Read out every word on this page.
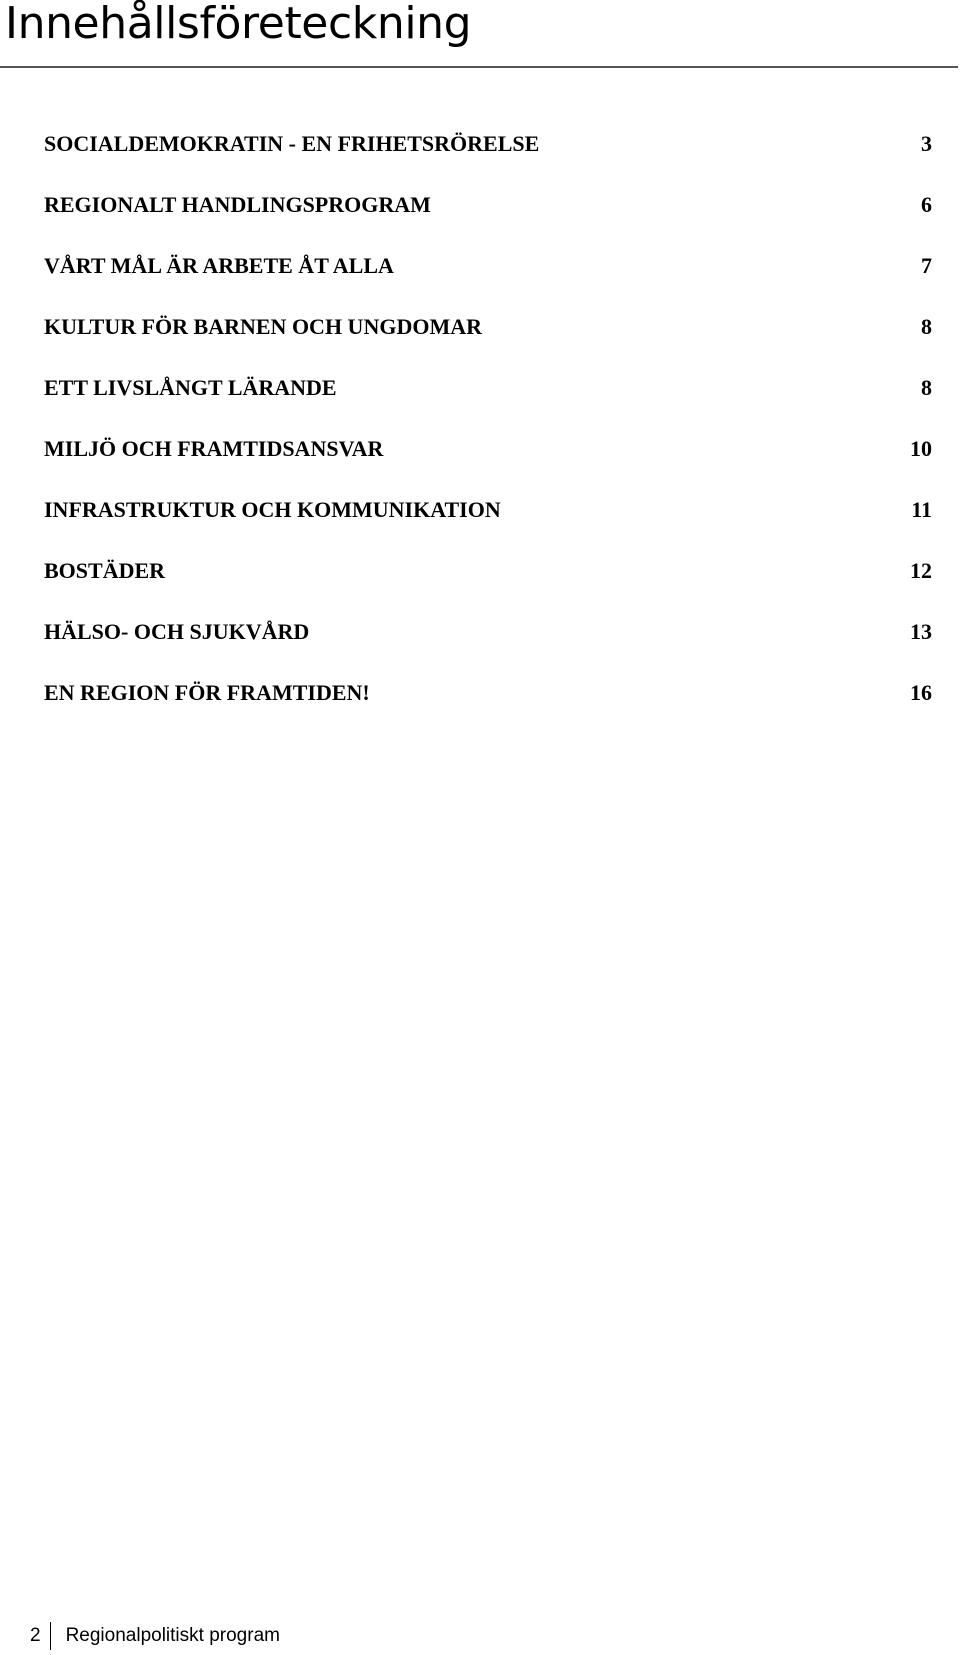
Innehållsföreteckning
SOCIALDEMOKRATIN - EN FRIHETSRÖRELSE	3
REGIONALT HANDLINGSPROGRAM	6
VÅRT MÅL ÄR ARBETE ÅT ALLA	7
KULTUR FÖR BARNEN OCH UNGDOMAR	8
ETT LIVSLÅNGT LÄRANDE	8
MILJÖ OCH FRAMTIDSANSVAR	10
INFRASTRUKTUR OCH KOMMUNIKATION	11
BOSTÄDER	12
HÄLSO- OCH SJUKVÅRD	13
EN REGION FÖR FRAMTIDEN!	16
2	Regionalpolitiskt program
